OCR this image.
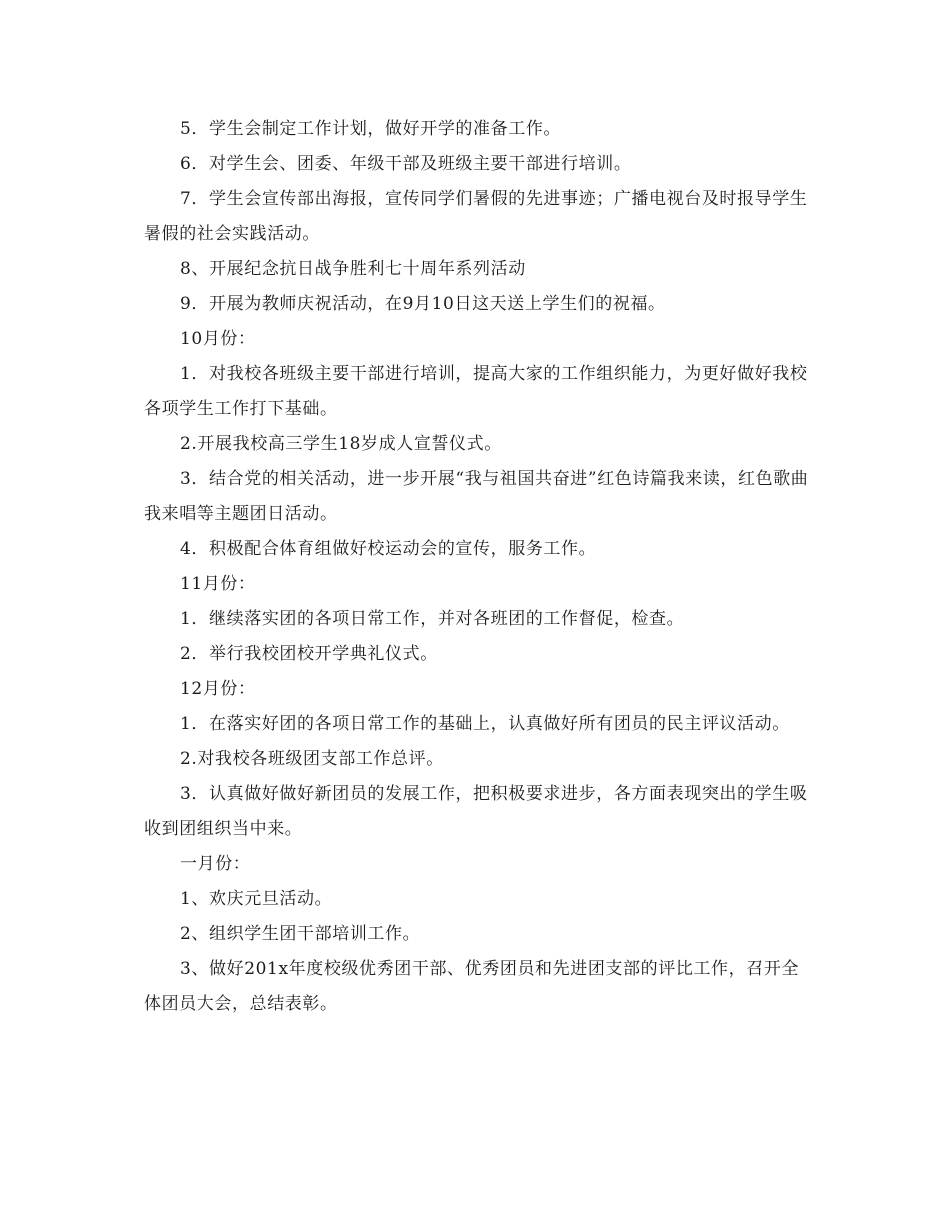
5．学生会制定工作计划，做好开学的准备工作。

6．对学生会、团委、年级干部及班级主要干部进行培训。

7．学生会宣传部出海报，宣传同学们暑假的先进事迹；广播电视台及时报导学生暑假的社会实践活动。

8、开展纪念抗日战争胜利七十周年系列活动

9．开展为教师庆祝活动，在9月10日这天送上学生们的祝福。

10月份：

1．对我校各班级主要干部进行培训，提高大家的工作组织能力，为更好做好我校各项学生工作打下基础。

2.开展我校高三学生18岁成人宣誓仪式。

3．结合党的相关活动，进一步开展“我与祖国共奋进”红色诗篇我来读，红色歌曲我来唱等主题团日活动。

4．积极配合体育组做好校运动会的宣传，服务工作。

11月份：

1．继续落实团的各项日常工作，并对各班团的工作督促，检查。

2．举行我校团校开学典礼仪式。

12月份：

1．在落实好团的各项日常工作的基础上，认真做好所有团员的民主评议活动。

2.对我校各班级团支部工作总评。

3．认真做好做好新团员的发展工作，把积极要求进步，各方面表现突出的学生吸收到团组织当中来。

一月份：

1、欢庆元旦活动。

2、组织学生团干部培训工作。

3、做好201x年度校级优秀团干部、优秀团员和先进团支部的评比工作，召开全体团员大会，总结表彰。
